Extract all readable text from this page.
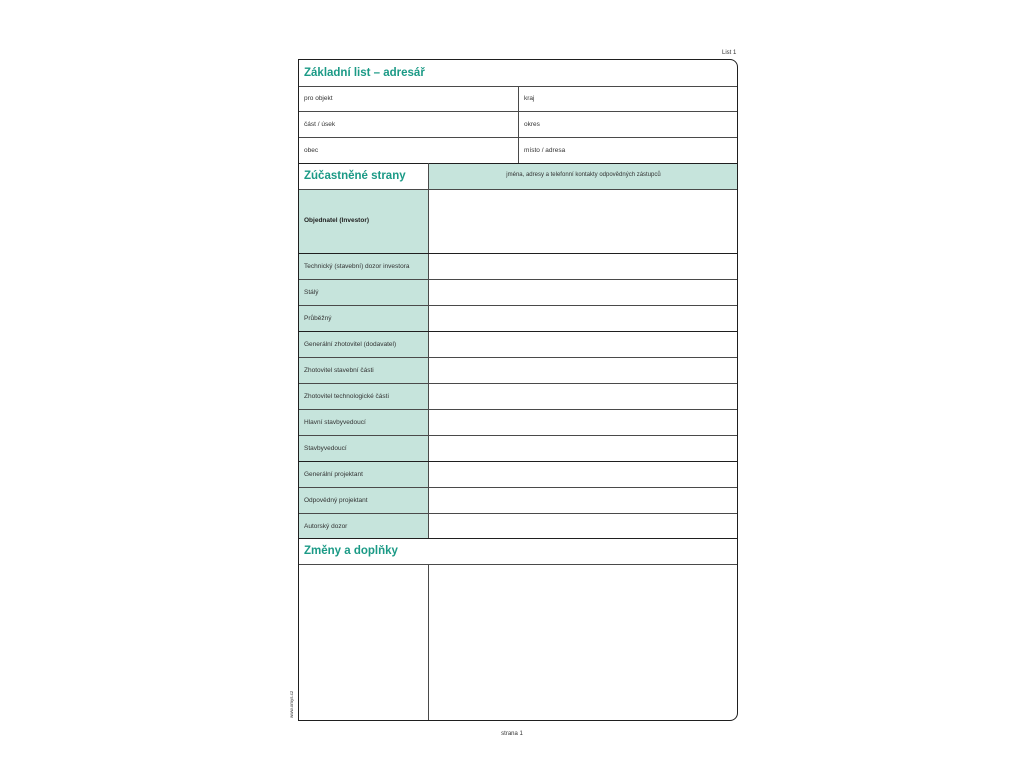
List 1
Základní list – adresář
pro objekt	kraj
část / úsek	okres
obec	místo / adresa
Zúčastněné strany	jména, adresy a telefonní kontakty odpovědných zástupců
Objednatel (Investor)
Technický (stavební) dozor investora
Stálý
Průběžný
Generální zhotovitel (dodavatel)
Zhotovitel stavební části
Zhotovitel technologické části
Hlavní stavbyvedoucí
Stavbyvedoucí
Generální projektant
Odpovědný projektant
Autorský dozor
Změny a doplňky
www.omys.cz
strana 1
